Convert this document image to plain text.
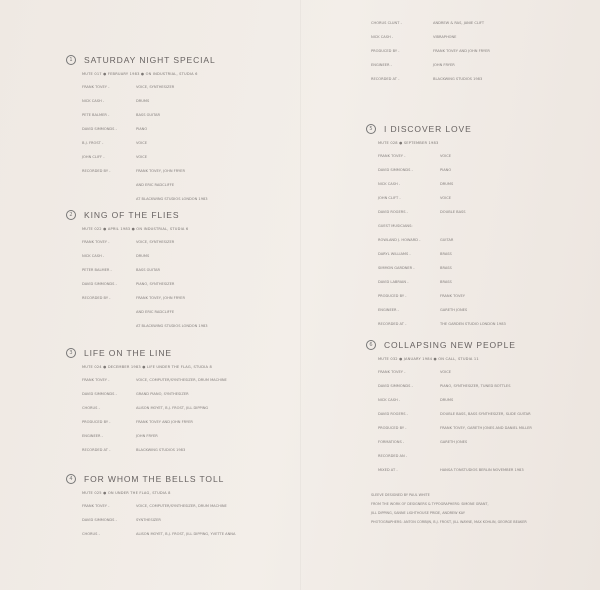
1	SATURDAY NIGHT SPECIAL
MUTE 017 ● FEBRUARY 1983 ● ON INDUSTRIAL, STUDIA 6
FRANK TOVEY -	VOICE, SYNTHESIZER
NICK CASH -	DRUMS
PETE BALMER -	BASS GUITAR
DAVID SIMMONDS -	PIANO
B.J. FROST -	VOICE
JOHN CLIFF -	VOICE
RECORDED BY -	FRANK TOVEY, JOHN FRYER
AND ERIC RADCLIFFE
AT BLACKWING STUDIOS LONDON 1983
2	KING OF THE FLIES
MUTE 022 ● APRIL 1983 ● ON INDUSTRIAL, STUDIA 6
FRANK TOVEY -	VOICE, SYNTHESIZER
NICK CASH -	DRUMS
PETER BALMER -	BASS GUITAR
DAVID SIMMONDS -	PIANO, SYNTHESIZER
RECORDED BY -	FRANK TOVEY, JOHN FRYER
AND ERIC RADCLIFFE
AT BLACKWING STUDIOS LONDON 1983
3	LIFE ON THE LINE
MUTE 024 ● DECEMBER 1983 ● LIFE UNDER THE FLAG, STUDIA 8
FRANK TOVEY -	VOICE, COMPUTER/SYNTHESIZER, DRUM MACHINE
DAVID SIMMONDS -	GRAND PIANO, SYNTHESIZER
CHORUS -	ALISON MOYET, B.J. FROST, JILL DIPPING
PRODUCED BY -	FRANK TOVEY AND JOHN FRYER
ENGINEER -	JOHN FRYER
RECORDED AT -	BLACKWING STUDIOS 1983
4	FOR WHOM THE BELLS TOLL
MUTE 025 ● ON UNDER THE FLAG, STUDIA 8
FRANK TOVEY -	VOICE, COMPUTER/SYNTHESIZER, DRUM MACHINE
DAVID SIMMONDS -	SYNTHESIZER
CHORUS -	ALISON MOYET, B.J. FROST, JILL DIPPING, YVETTE ANNA
CHORUS CLUNT -	ANDREW & RAS, JANIE CLIFT
NICK CASH -	VIBRAPHONE
PRODUCED BY -	FRANK TOVEY AND JOHN FRYER
ENGINEER -	JOHN FRYER
RECORDED AT -	BLACKWING STUDIOS 1983
5	I DISCOVER LOVE
MUTE 028 ● SEPTEMBER 1983
FRANK TOVEY -	VOICE
DAVID SIMMONDS -	PIANO
NICK CASH -	DRUMS
JOHN CLIFT -	VOICE
DAVID ROGERS -	DOUBLE BASS
GUEST MUSICIANS:
ROWLAND J. HOWARD -	GUITAR
DARYL WILLIAMS -	BRASS
SIMMON GARDNER -	BRASS
DAVID LABRIAN -	BRASS
PRODUCED BY -	FRANK TOVEY
ENGINEER -	GARETH JONES
RECORDED AT -	THE GARDEN STUDIO LONDON 1983
6	COLLAPSING NEW PEOPLE
MUTE 032 ● JANUARY 1984 ● ON CALL, STUDIA 11
FRANK TOVEY -	VOICE
DAVID SIMMONDS -	PIANO, SYNTHESIZER, TUNED BOTTLES
NICK CASH -	DRUMS
DAVID ROGERS -	DOUBLE BASS, BASS SYNTHESIZER, SLIDE GUITAR
PRODUCED BY -	FRANK TOVEY, GARETH JONES AND DANIEL MILLER
FORMATIONS -	GARETH JONES
RECORDED AN -
MIXED AT -	HANSA TONSTUDIOS BERLIN NOVEMBER 1983
SLEEVE DESIGNED BY PAUL WHITE
FROM THE WORK OF DESIGNERS & TYPOGRAPHERS: SIMONE GRANT,
JILL DIPPING, SANNE LIGHTHOUSE PRIDE, ANDREW KAY
PHOTOGRAPHERS: ANTON CORBIJN, B.J. FROST, JILL WAYNE, MAX KOHLIN, GEORGE BEAKER
